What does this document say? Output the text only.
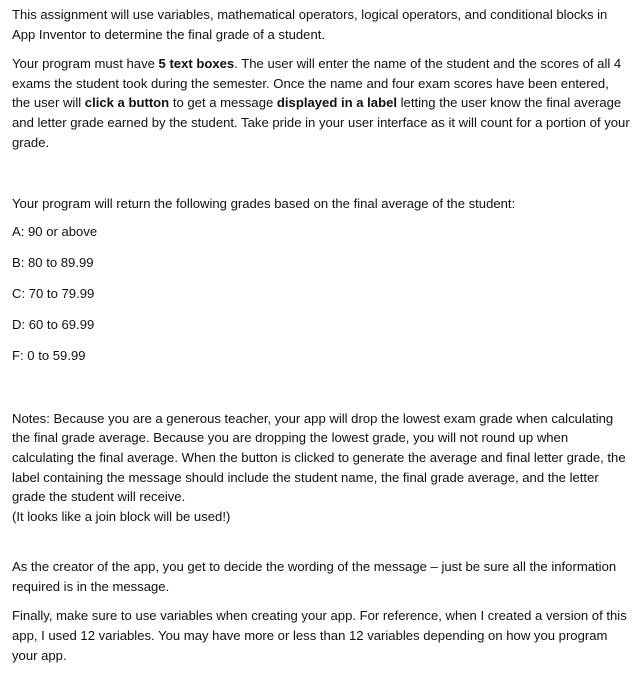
This assignment will use variables, mathematical operators, logical operators, and conditional blocks in App Inventor to determine the final grade of a student.

Your program must have 5 text boxes. The user will enter the name of the student and the scores of all 4 exams the student took during the semester. Once the name and four exam scores have been entered, the user will click a button to get a message displayed in a label letting the user know the final average and letter grade earned by the student. Take pride in your user interface as it will count for a portion of your grade.

Your program will return the following grades based on the final average of the student:

A: 90 or above

B: 80 to 89.99

C: 70 to 79.99

D: 60 to 69.99

F: 0 to 59.99

Notes: Because you are a generous teacher, your app will drop the lowest exam grade when calculating the final grade average. Because you are dropping the lowest grade, you will not round up when calculating the final average. When the button is clicked to generate the average and final letter grade, the label containing the message should include the student name, the final grade average, and the letter grade the student will receive.

(It looks like a join block will be used!)

As the creator of the app, you get to decide the wording of the message – just be sure all the information required is in the message.

Finally, make sure to use variables when creating your app. For reference, when I created a version of this app, I used 12 variables. You may have more or less than 12 variables depending on how you program your app.
